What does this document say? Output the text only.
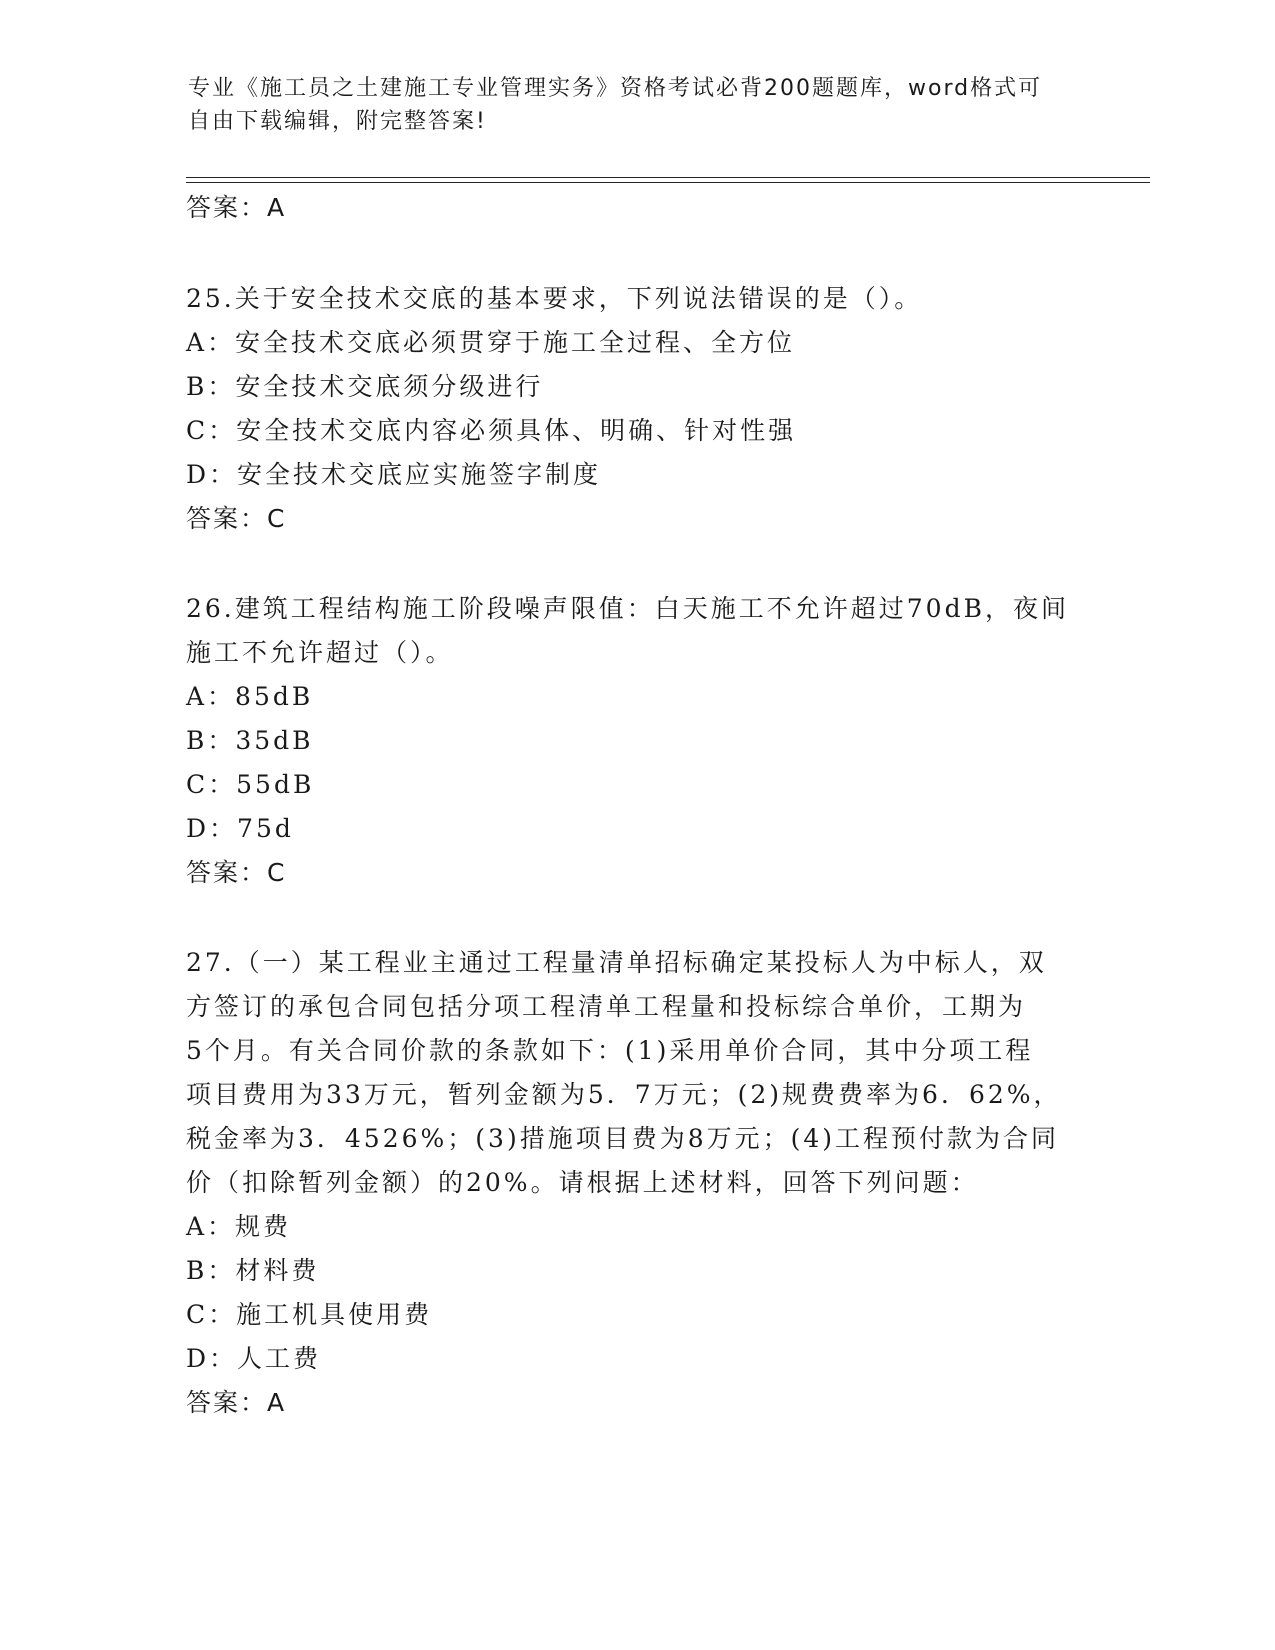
专业《施工员之土建施工专业管理实务》资格考试必背200题题库，word格式可
自由下载编辑，附完整答案!
答案：A
25.关于安全技术交底的基本要求，下列说法错误的是（）。
A：安全技术交底必须贯穿于施工全过程、全方位
B：安全技术交底须分级进行
C：安全技术交底内容必须具体、明确、针对性强
D：安全技术交底应实施签字制度
答案：C
26.建筑工程结构施工阶段噪声限值：白天施工不允许超过70dB，夜间
施工不允许超过（）。
A：85dB
B：35dB
C：55dB
D：75d
答案：C
27.（一）某工程业主通过工程量清单招标确定某投标人为中标人，双
方签订的承包合同包括分项工程清单工程量和投标综合单价，工期为
5个月。有关合同价款的条款如下：(1)采用单价合同，其中分项工程
项目费用为33万元，暂列金额为5．7万元；(2)规费费率为6．62%，
税金率为3．4526%；(3)措施项目费为8万元；(4)工程预付款为合同
价（扣除暂列金额）的20%。请根据上述材料，回答下列问题：
A：规费
B：材料费
C：施工机具使用费
D：人工费
答案：A
